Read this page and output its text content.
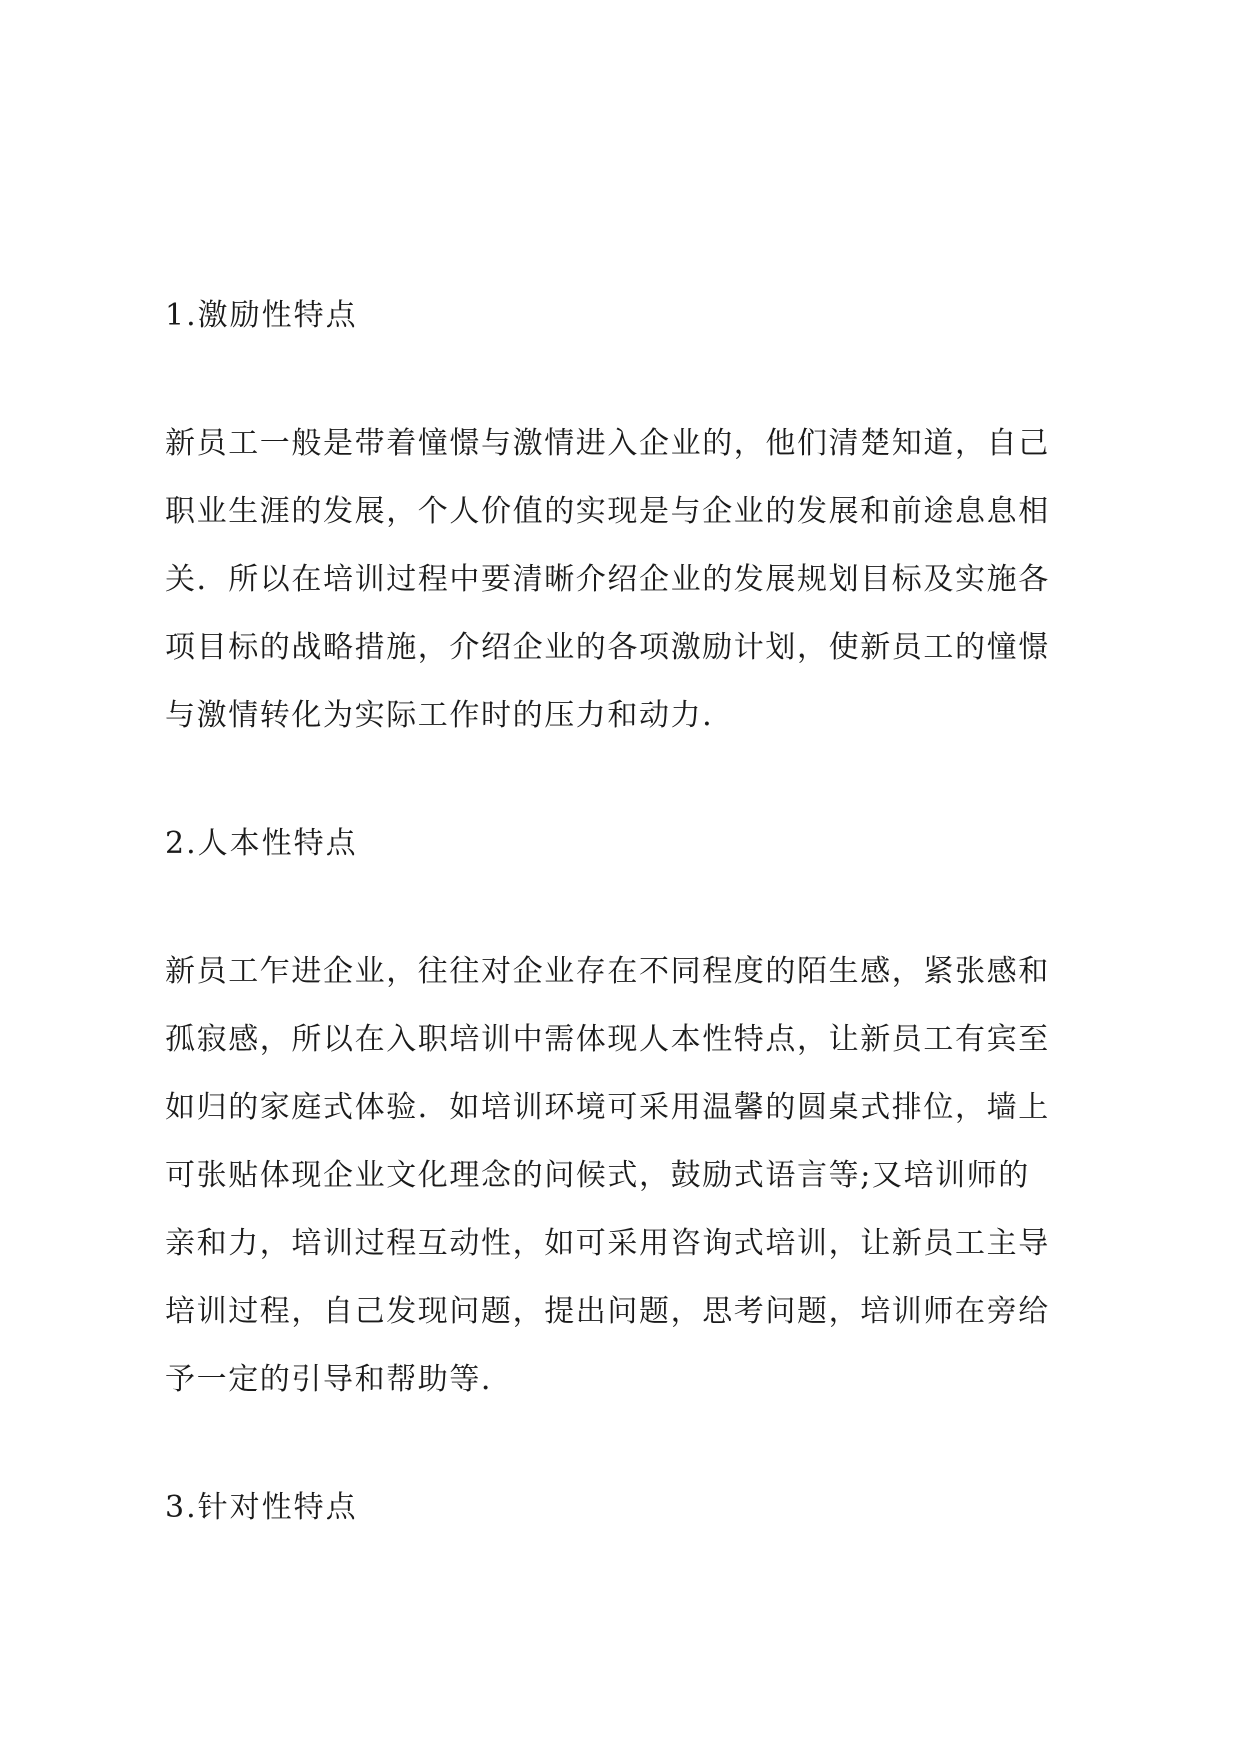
1.激励性特点
新员工一般是带着憧憬与激情进入企业的，他们清楚知道，自己
职业生涯的发展，个人价值的实现是与企业的发展和前途息息相
关．所以在培训过程中要清晰介绍企业的发展规划目标及实施各
项目标的战略措施，介绍企业的各项激励计划，使新员工的憧憬
与激情转化为实际工作时的压力和动力．
2.人本性特点
新员工乍进企业，往往对企业存在不同程度的陌生感，紧张感和
孤寂感，所以在入职培训中需体现人本性特点，让新员工有宾至
如归的家庭式体验．如培训环境可采用温馨的圆桌式排位，墙上
可张贴体现企业文化理念的问候式，鼓励式语言等;又培训师的
亲和力，培训过程互动性，如可采用咨询式培训，让新员工主导
培训过程，自己发现问题，提出问题，思考问题，培训师在旁给
予一定的引导和帮助等．
3.针对性特点
